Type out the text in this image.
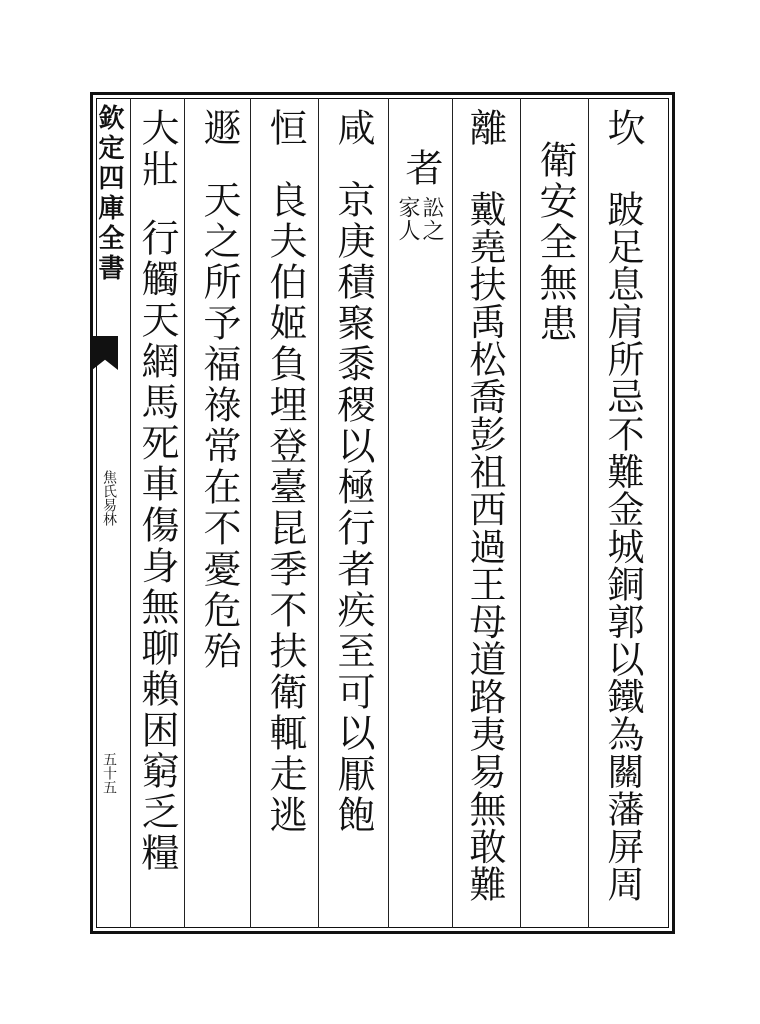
欽定四庫全書
焦氏易林
五十五
坎
跛足息肩所忌不難金城銅郭以鐵為關藩屏周
衛安全無患
離
戴堯扶禹松喬彭祖西過王母道路夷易無敢難
者
訟之
家人
咸
京庚積聚黍稷以極行者疾至可以厭飽
恒
良夫伯姬負埋登臺昆季不扶衛輒走逃
遯
天之所予福祿常在不憂危殆
大壯
行觸天網馬死車傷身無聊賴困窮乏糧
